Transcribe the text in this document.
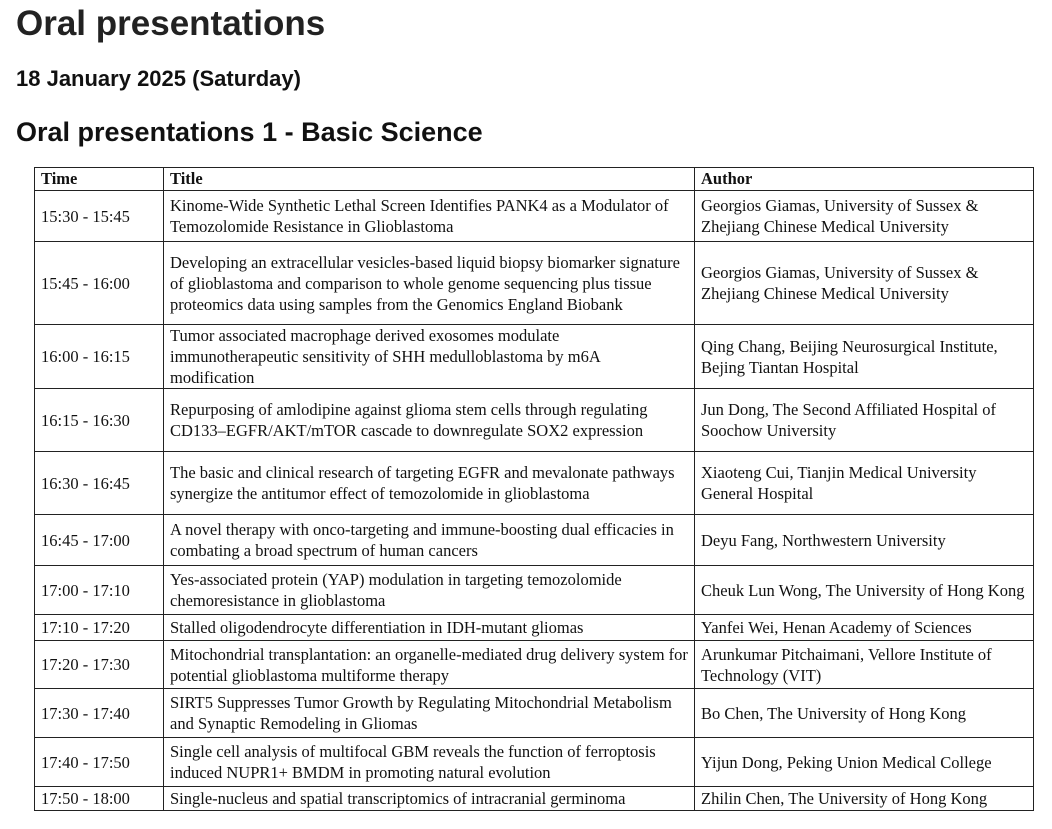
Oral presentations
18 January 2025 (Saturday)
Oral presentations 1 - Basic Science
Time	Title	Author
15:30 - 15:45	Kinome-Wide Synthetic Lethal Screen Identifies PANK4 as a Modulator of Temozolomide Resistance in Glioblastoma	Georgios Giamas, University of Sussex & Zhejiang Chinese Medical University
15:45 - 16:00	Developing an extracellular vesicles-based liquid biopsy biomarker signature of glioblastoma and comparison to whole genome sequencing plus tissue proteomics data using samples from the Genomics England Biobank	Georgios Giamas, University of Sussex & Zhejiang Chinese Medical University
16:00 - 16:15	Tumor associated macrophage derived exosomes modulate immunotherapeutic sensitivity of SHH medulloblastoma by m6A modification	Qing Chang, Beijing Neurosurgical Institute, Bejing Tiantan Hospital
16:15 - 16:30	Repurposing of amlodipine against glioma stem cells through regulating CD133–EGFR/AKT/mTOR cascade to downregulate SOX2 expression	Jun Dong, The Second Affiliated Hospital of Soochow University
16:30 - 16:45	The basic and clinical research of targeting EGFR and mevalonate pathways synergize the antitumor effect of temozolomide in glioblastoma	Xiaoteng Cui, Tianjin Medical University General Hospital
16:45 - 17:00	A novel therapy with onco-targeting and immune-boosting dual efficacies in combating a broad spectrum of human cancers	Deyu Fang, Northwestern University
17:00 - 17:10	Yes-associated protein (YAP) modulation in targeting temozolomide chemoresistance in glioblastoma	Cheuk Lun Wong, The University of Hong Kong
17:10 - 17:20	Stalled oligodendrocyte differentiation in IDH-mutant gliomas	Yanfei Wei, Henan Academy of Sciences
17:20 - 17:30	Mitochondrial transplantation: an organelle-mediated drug delivery system for potential glioblastoma multiforme therapy	Arunkumar Pitchaimani, Vellore Institute of Technology (VIT)
17:30 - 17:40	SIRT5 Suppresses Tumor Growth by Regulating Mitochondrial Metabolism and Synaptic Remodeling in Gliomas	Bo Chen, The University of Hong Kong
17:40 - 17:50	Single cell analysis of multifocal GBM reveals the function of ferroptosis induced NUPR1+ BMDM in promoting natural evolution	Yijun Dong, Peking Union Medical College
17:50 - 18:00	Single-nucleus and spatial transcriptomics of intracranial germinoma	Zhilin Chen, The University of Hong Kong
